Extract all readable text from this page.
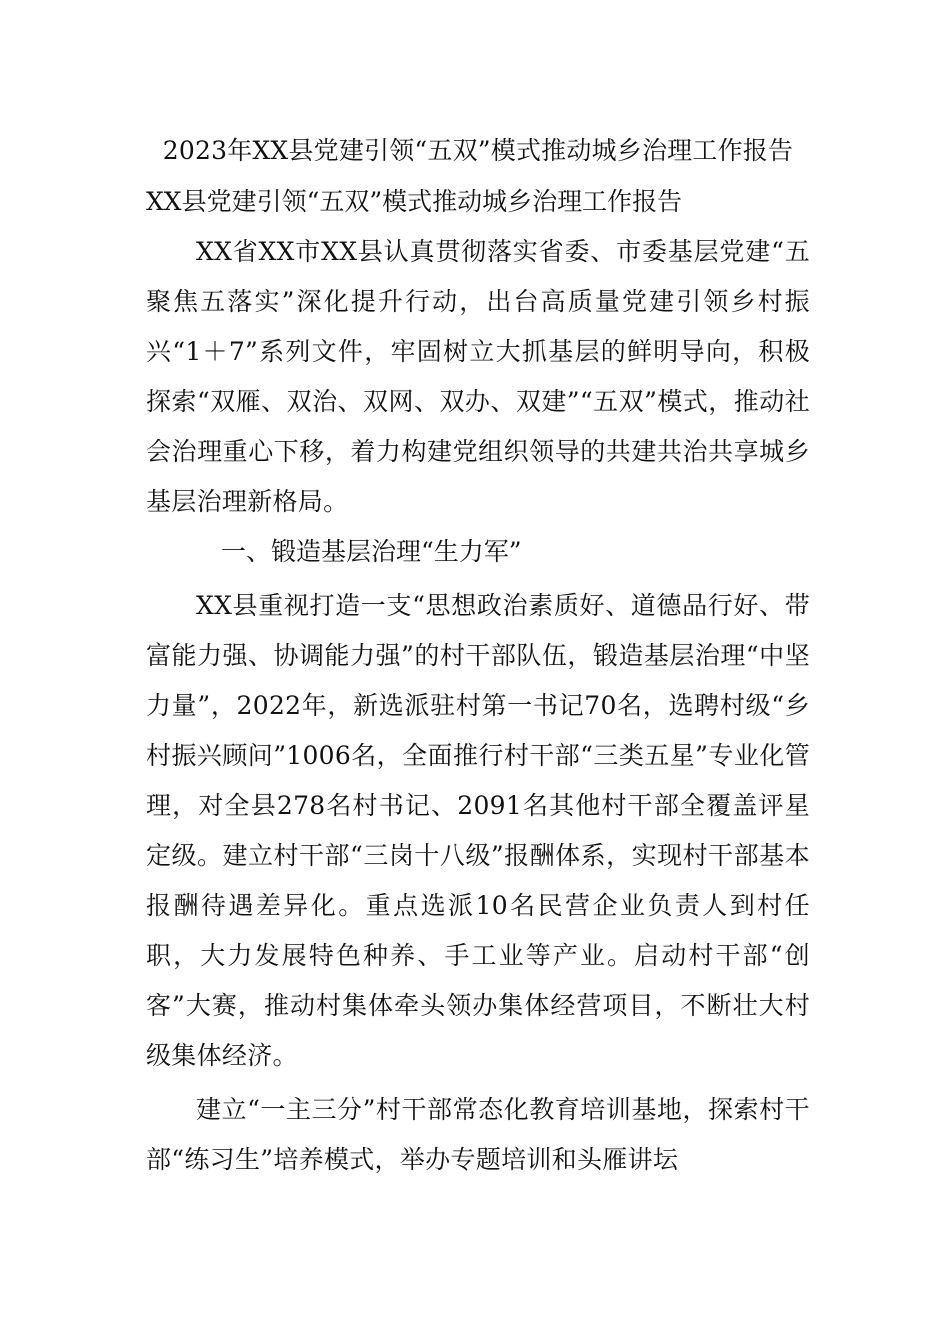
2023年XX县党建引领“五双”模式推动城乡治理工作报告

XX县党建引领“五双”模式推动城乡治理工作报告

XX省XX市XX县认真贯彻落实省委、市委基层党建“五聚焦五落实”深化提升行动，出台高质量党建引领乡村振兴“1＋7”系列文件，牢固树立大抓基层的鲜明导向，积极探索“双雁、双治、双网、双办、双建”“五双”模式，推动社会治理重心下移，着力构建党组织领导的共建共治共享城乡基层治理新格局。

一、锻造基层治理“生力军”

XX县重视打造一支“思想政治素质好、道德品行好、带富能力强、协调能力强”的村干部队伍，锻造基层治理“中坚力量”，2022年，新选派驻村第一书记70名，选聘村级“乡村振兴顾问”1006名，全面推行村干部“三类五星”专业化管理，对全县278名村书记、2091名其他村干部全覆盖评星定级。建立村干部“三岗十八级”报酬体系，实现村干部基本报酬待遇差异化。重点选派10名民营企业负责人到村任职，大力发展特色种养、手工业等产业。启动村干部“创客”大赛，推动村集体牵头领办集体经营项目，不断壮大村级集体经济。

建立“一主三分”村干部常态化教育培训基地，探索村干部“练习生”培养模式，举办专题培训和头雁讲坛
